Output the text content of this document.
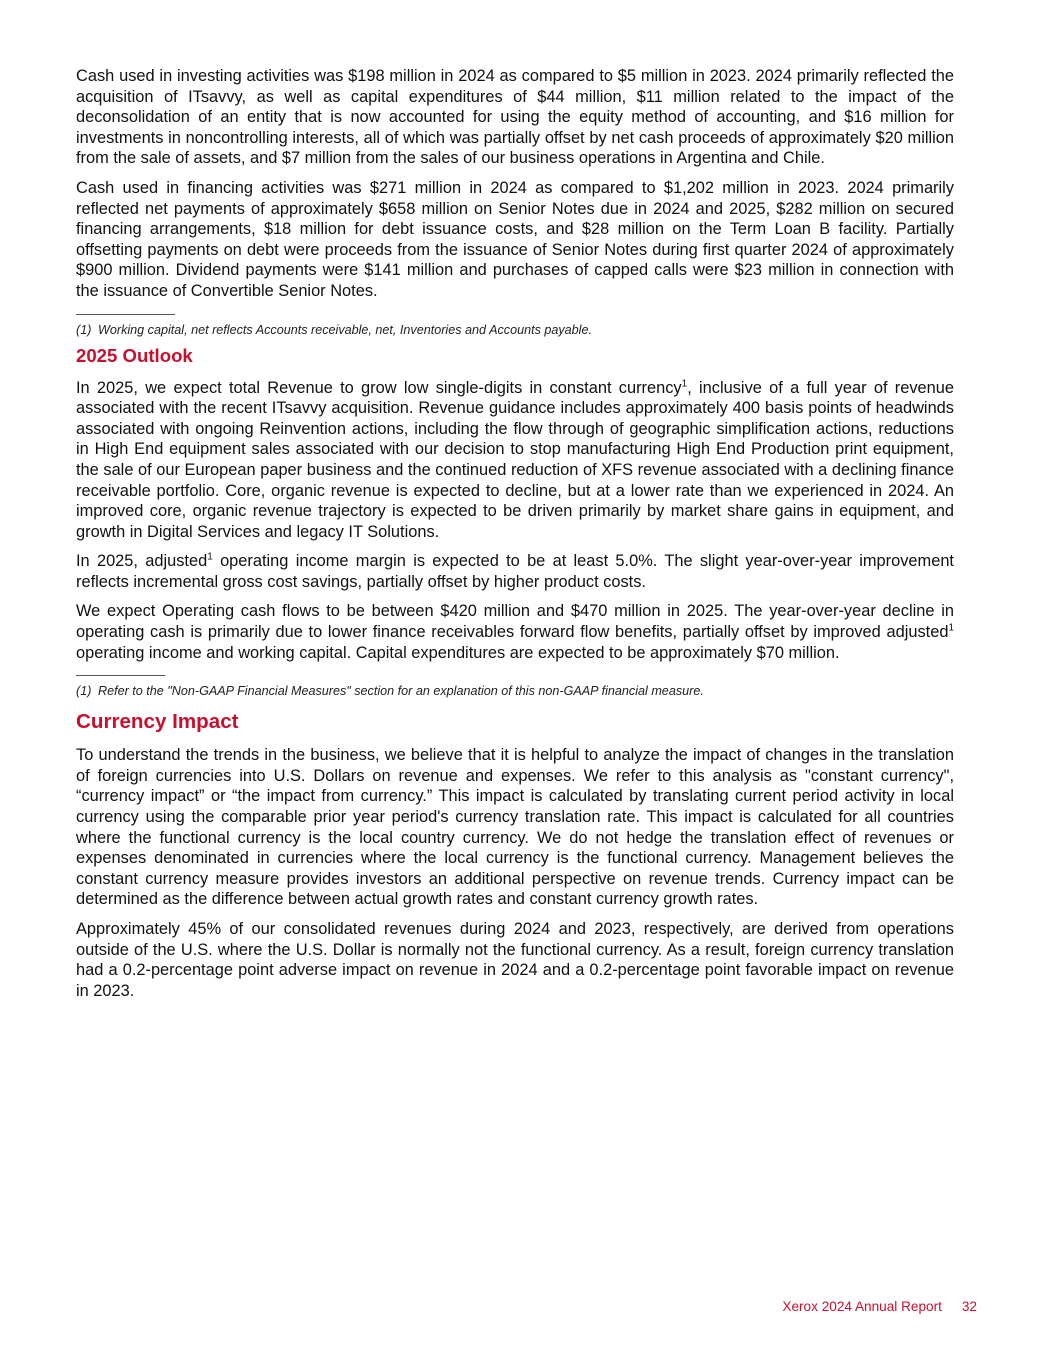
Cash used in investing activities was $198 million in 2024 as compared to $5 million in 2023. 2024 primarily reflected the acquisition of ITsavvy, as well as capital expenditures of $44 million, $11 million related to the impact of the deconsolidation of an entity that is now accounted for using the equity method of accounting, and $16 million for investments in noncontrolling interests, all of which was partially offset by net cash proceeds of approximately $20 million from the sale of assets, and $7 million from the sales of our business operations in Argentina and Chile.

Cash used in financing activities was $271 million in 2024 as compared to $1,202 million in 2023. 2024 primarily reflected net payments of approximately $658 million on Senior Notes due in 2024 and 2025, $282 million on secured financing arrangements, $18 million for debt issuance costs, and $28 million on the Term Loan B facility. Partially offsetting payments on debt were proceeds from the issuance of Senior Notes during first quarter 2024 of approximately $900 million. Dividend payments were $141 million and purchases of capped calls were $23 million in connection with the issuance of Convertible Senior Notes.

(1) Working capital, net reflects Accounts receivable, net, Inventories and Accounts payable.

2025 Outlook

In 2025, we expect total Revenue to grow low single-digits in constant currency$^1$, inclusive of a full year of revenue associated with the recent ITsavvy acquisition. Revenue guidance includes approximately 400 basis points of headwinds associated with ongoing Reinvention actions, including the flow through of geographic simplification actions, reductions in High End equipment sales associated with our decision to stop manufacturing High End Production print equipment, the sale of our European paper business and the continued reduction of XFS revenue associated with a declining finance receivable portfolio. Core, organic revenue is expected to decline, but at a lower rate than we experienced in 2024. An improved core, organic revenue trajectory is expected to be driven primarily by market share gains in equipment, and growth in Digital Services and legacy IT Solutions.

In 2025, adjusted$^1$ operating income margin is expected to be at least 5.0%. The slight year-over-year improvement reflects incremental gross cost savings, partially offset by higher product costs.

We expect Operating cash flows to be between $420 million and $470 million in 2025. The year-over-year decline in operating cash is primarily due to lower finance receivables forward flow benefits, partially offset by improved adjusted$^1$ operating income and working capital. Capital expenditures are expected to be approximately $70 million.

(1) Refer to the "Non-GAAP Financial Measures" section for an explanation of this non-GAAP financial measure.

Currency Impact

To understand the trends in the business, we believe that it is helpful to analyze the impact of changes in the translation of foreign currencies into U.S. Dollars on revenue and expenses. We refer to this analysis as "constant currency", “currency impact” or “the impact from currency.” This impact is calculated by translating current period activity in local currency using the comparable prior year period's currency translation rate. This impact is calculated for all countries where the functional currency is the local country currency. We do not hedge the translation effect of revenues or expenses denominated in currencies where the local currency is the functional currency. Management believes the constant currency measure provides investors an additional perspective on revenue trends. Currency impact can be determined as the difference between actual growth rates and constant currency growth rates.

Approximately 45% of our consolidated revenues during 2024 and 2023, respectively, are derived from operations outside of the U.S. where the U.S. Dollar is normally not the functional currency. As a result, foreign currency translation had a 0.2-percentage point adverse impact on revenue in 2024 and a 0.2-percentage point favorable impact on revenue in 2023.

Xerox 2024 Annual Report 32
